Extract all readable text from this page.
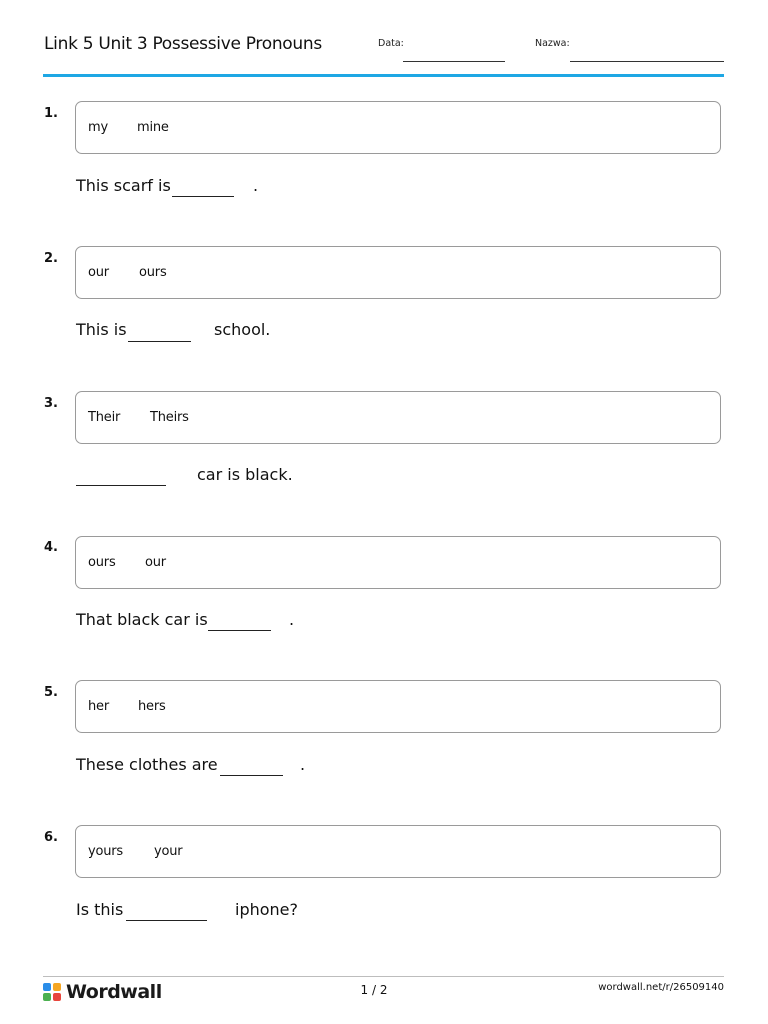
Link 5 Unit 3 Possessive Pronouns	Data:	Nazwa:
1.
my mine
This scarf is	.
2.
our ours
This is	school.
3.
Their Theirs
car is black.
4.
ours our
That black car is	.
5.
her hers
These clothes are	.
6.
yours your
Is this	iphone?
Wordwall	1 / 2	wordwall.net/r/26509140
